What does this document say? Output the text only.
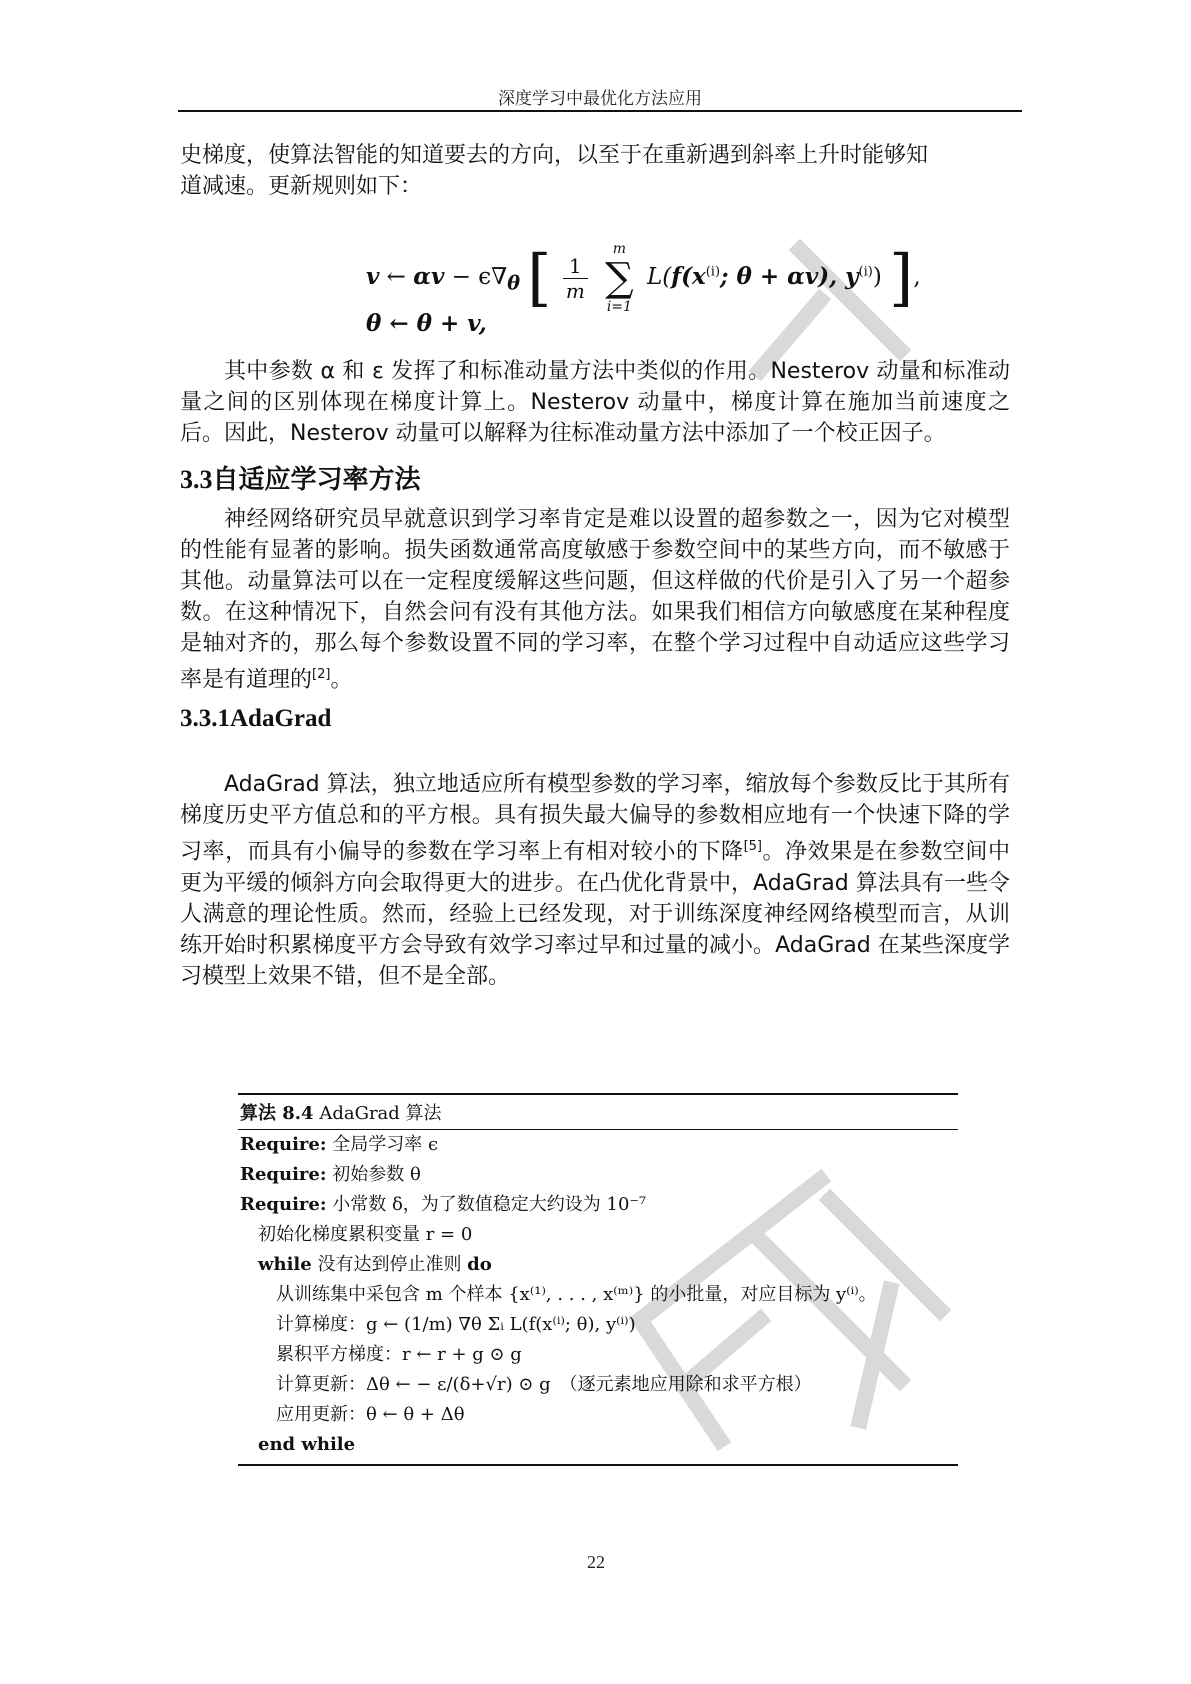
深度学习中最优化方法应用

史梯度，使算法智能的知道要去的方向，以至于在重新遇到斜率上升时能够知

道减速。更新规则如下：

v ← $\alpha v - \epsilon\nabla_\theta$ [ $\frac{1}{m}$

m
∑
i=1
$L(f(x^{(i)}$; θ + αv), $y^{(i)}$) ],
θ ← θ + v,

其中参数 α 和 ε 发挥了和标准动量方法中类似的作用。Nesterov 动量和标准动量之间的区别体现在梯度计算上。Nesterov 动量中，梯度计算在施加当前速度之后。因此，Nesterov 动量可以解释为往标准动量方法中添加了一个校正因子。

3.3自适应学习率方法

神经网络研究员早就意识到学习率肯定是难以设置的超参数之一，因为它对模型的性能有显著的影响。损失函数通常高度敏感于参数空间中的某些方向，而不敏感于其他。动量算法可以在一定程度缓解这些问题，但这样做的代价是引入了另一个超参数。在这种情况下，自然会问有没有其他方法。如果我们相信方向敏感度在某种程度是轴对齐的，那么每个参数设置不同的学习率，在整个学习过程中自动适应这些学习率是有道理的[2]。

3.3.1AdaGrad

AdaGrad 算法，独立地适应所有模型参数的学习率，缩放每个参数反比于其所有梯度历史平方值总和的平方根。具有损失最大偏导的参数相应地有一个快速下降的学习率，而具有小偏导的参数在学习率上有相对较小的下降[5]。净效果是在参数空间中更为平缓的倾斜方向会取得更大的进步。在凸优化背景中，AdaGrad 算法具有一些令人满意的理论性质。然而，经验上已经发现，对于训练深度神经网络模型而言，从训练开始时积累梯度平方会导致有效学习率过早和过量的减小。AdaGrad 在某些深度学习模型上效果不错，但不是全部。

算法 8.4 AdaGrad 算法
Require: 全局学习率 ϵ
Require: 初始参数 θ
Require: 小常数 δ，为了数值稳定大约设为 10⁻⁷
初始化梯度累积变量 r = 0
while 没有达到停止准则 do
从训练集中采包含 m 个样本 {x⁽¹⁾, . . . , x⁽ᵐ⁾} 的小批量，对应目标为 y⁽ⁱ⁾。
计算梯度：g ← (1/m) ∇θ Σᵢ L(f(x⁽ⁱ⁾; θ), y⁽ⁱ⁾)
累积平方梯度：r ← r + g ⊙ g
计算更新：Δθ ← − ε/(δ+√r) ⊙ g　（逐元素地应用除和求平方根）
应用更新：θ ← θ + Δθ
end while
22
